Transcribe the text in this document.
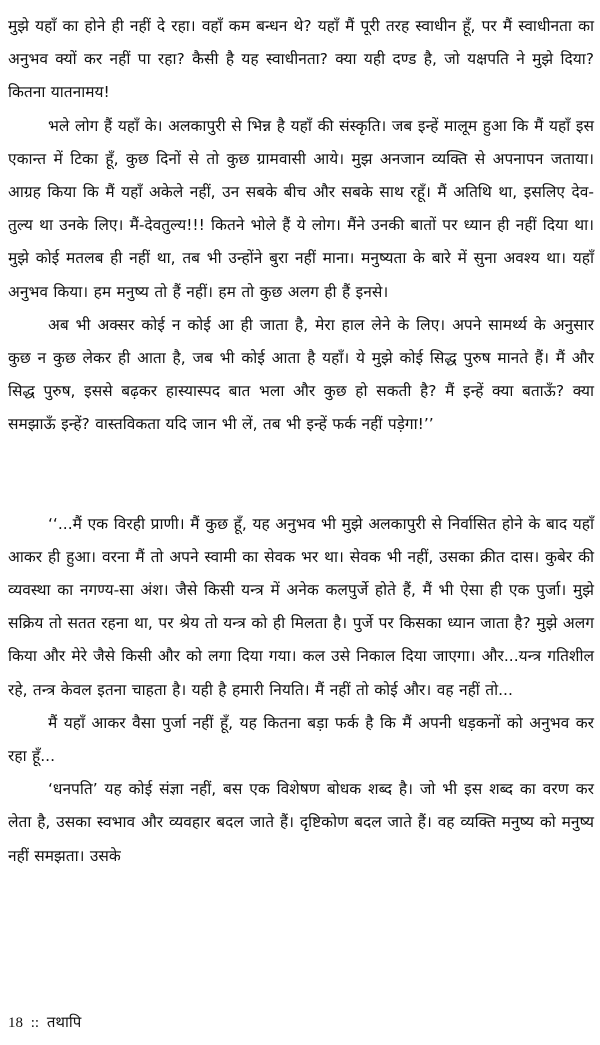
मुझे यहाँ का होने ही नहीं दे रहा। वहाँ कम बन्धन थे? यहाँ मैं पूरी तरह स्वाधीन हूँ, पर मैं स्वाधीनता का अनुभव क्यों कर नहीं पा रहा? कैसी है यह स्वाधीनता? क्या यही दण्ड है, जो यक्षपति ने मुझे दिया? कितना यातनामय!

भले लोग हैं यहाँ के। अलकापुरी से भिन्न है यहाँ की संस्कृति। जब इन्हें मालूम हुआ कि मैं यहाँ इस एकान्त में टिका हूँ, कुछ दिनों से तो कुछ ग्रामवासी आये। मुझ अनजान व्यक्ति से अपनापन जताया। आग्रह किया कि मैं यहाँ अकेले नहीं, उन सबके बीच और सबके साथ रहूँ। मैं अतिथि था, इसलिए देव-तुल्य था उनके लिए। मैं-देवतुल्य!!! कितने भोले हैं ये लोग। मैंने उनकी बातों पर ध्यान ही नहीं दिया था। मुझे कोई मतलब ही नहीं था, तब भी उन्होंने बुरा नहीं माना। मनुष्यता के बारे में सुना अवश्य था। यहाँ अनुभव किया। हम मनुष्य तो हैं नहीं। हम तो कुछ अलग ही हैं इनसे।

अब भी अक्सर कोई न कोई आ ही जाता है, मेरा हाल लेने के लिए। अपने सामर्थ्य के अनुसार कुछ न कुछ लेकर ही आता है, जब भी कोई आता है यहाँ। ये मुझे कोई सिद्ध पुरुष मानते हैं। मैं और सिद्ध पुरुष, इससे बढ़कर हास्यास्पद बात भला और कुछ हो सकती है? मैं इन्हें क्या बताऊँ? क्या समझाऊँ इन्हें? वास्तविकता यदि जान भी लें, तब भी इन्हें फर्क नहीं पड़ेगा!’’

‘‘...मैं एक विरही प्राणी। मैं कुछ हूँ, यह अनुभव भी मुझे अलकापुरी से निर्वासित होने के बाद यहाँ आकर ही हुआ। वरना मैं तो अपने स्वामी का सेवक भर था। सेवक भी नहीं, उसका क्रीत दास। कुबेर की व्यवस्था का नगण्य-सा अंश। जैसे किसी यन्त्र में अनेक कलपुर्जे होते हैं, मैं भी ऐसा ही एक पुर्जा। मुझे सक्रिय तो सतत रहना था, पर श्रेय तो यन्त्र को ही मिलता है। पुर्जे पर किसका ध्यान जाता है? मुझे अलग किया और मेरे जैसे किसी और को लगा दिया गया। कल उसे निकाल दिया जाएगा। और...यन्त्र गतिशील रहे, तन्त्र केवल इतना चाहता है। यही है हमारी नियति। मैं नहीं तो कोई और। वह नहीं तो...

मैं यहाँ आकर वैसा पुर्जा नहीं हूँ, यह कितना बड़ा फर्क है कि मैं अपनी धड़कनों को अनुभव कर रहा हूँ...

‘धनपति’ यह कोई संज्ञा नहीं, बस एक विशेषण बोधक शब्द है। जो भी इस शब्द का वरण कर लेता है, उसका स्वभाव और व्यवहार बदल जाते हैं। दृष्टिकोण बदल जाते हैं। वह व्यक्ति मनुष्य को मनुष्य नहीं समझता। उसके

18 :: तथापि
